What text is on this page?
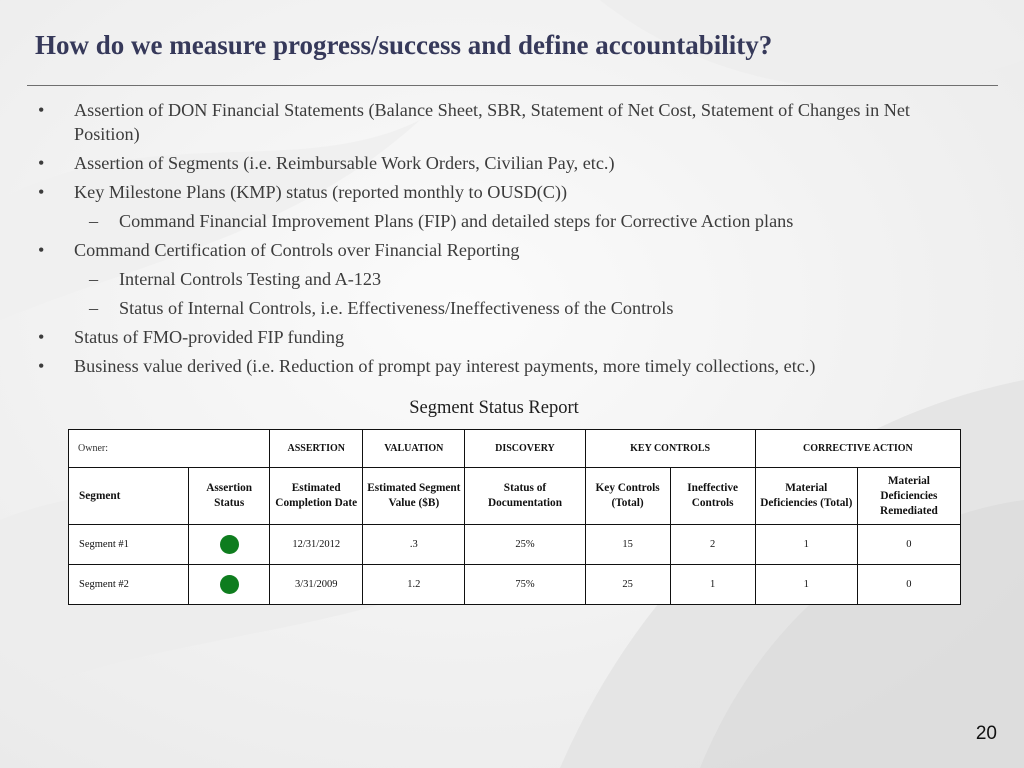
How do we measure progress/success and define accountability?
• Assertion of DON Financial Statements (Balance Sheet, SBR, Statement of Net Cost, Statement of Changes in Net Position)
• Assertion of Segments (i.e. Reimbursable Work Orders, Civilian Pay, etc.)
• Key Milestone Plans (KMP) status (reported monthly to OUSD(C))
– Command Financial Improvement Plans (FIP) and detailed steps for Corrective Action plans
• Command Certification of Controls over Financial Reporting
– Internal Controls Testing and A-123
– Status of Internal Controls, i.e. Effectiveness/Ineffectiveness of the Controls
• Status of FMO-provided FIP funding
• Business value derived (i.e. Reduction of prompt pay interest payments, more timely collections, etc.)
Segment Status Report
Owner:		ASSERTION	VALUATION	DISCOVERY	KEY CONTROLS		CORRECTIVE ACTION	
Segment	Assertion Status	Estimated Completion Date	Estimated Segment Value ($B)	Status of Documentation	Key Controls (Total)	Ineffective Controls	Material Deficiencies (Total)	Material Deficiencies Remediated
Segment #1		12/31/2012	.3	25%	15	2	1	0
Segment #2		3/31/2009	1.2	75%	25	1	1	0
20
